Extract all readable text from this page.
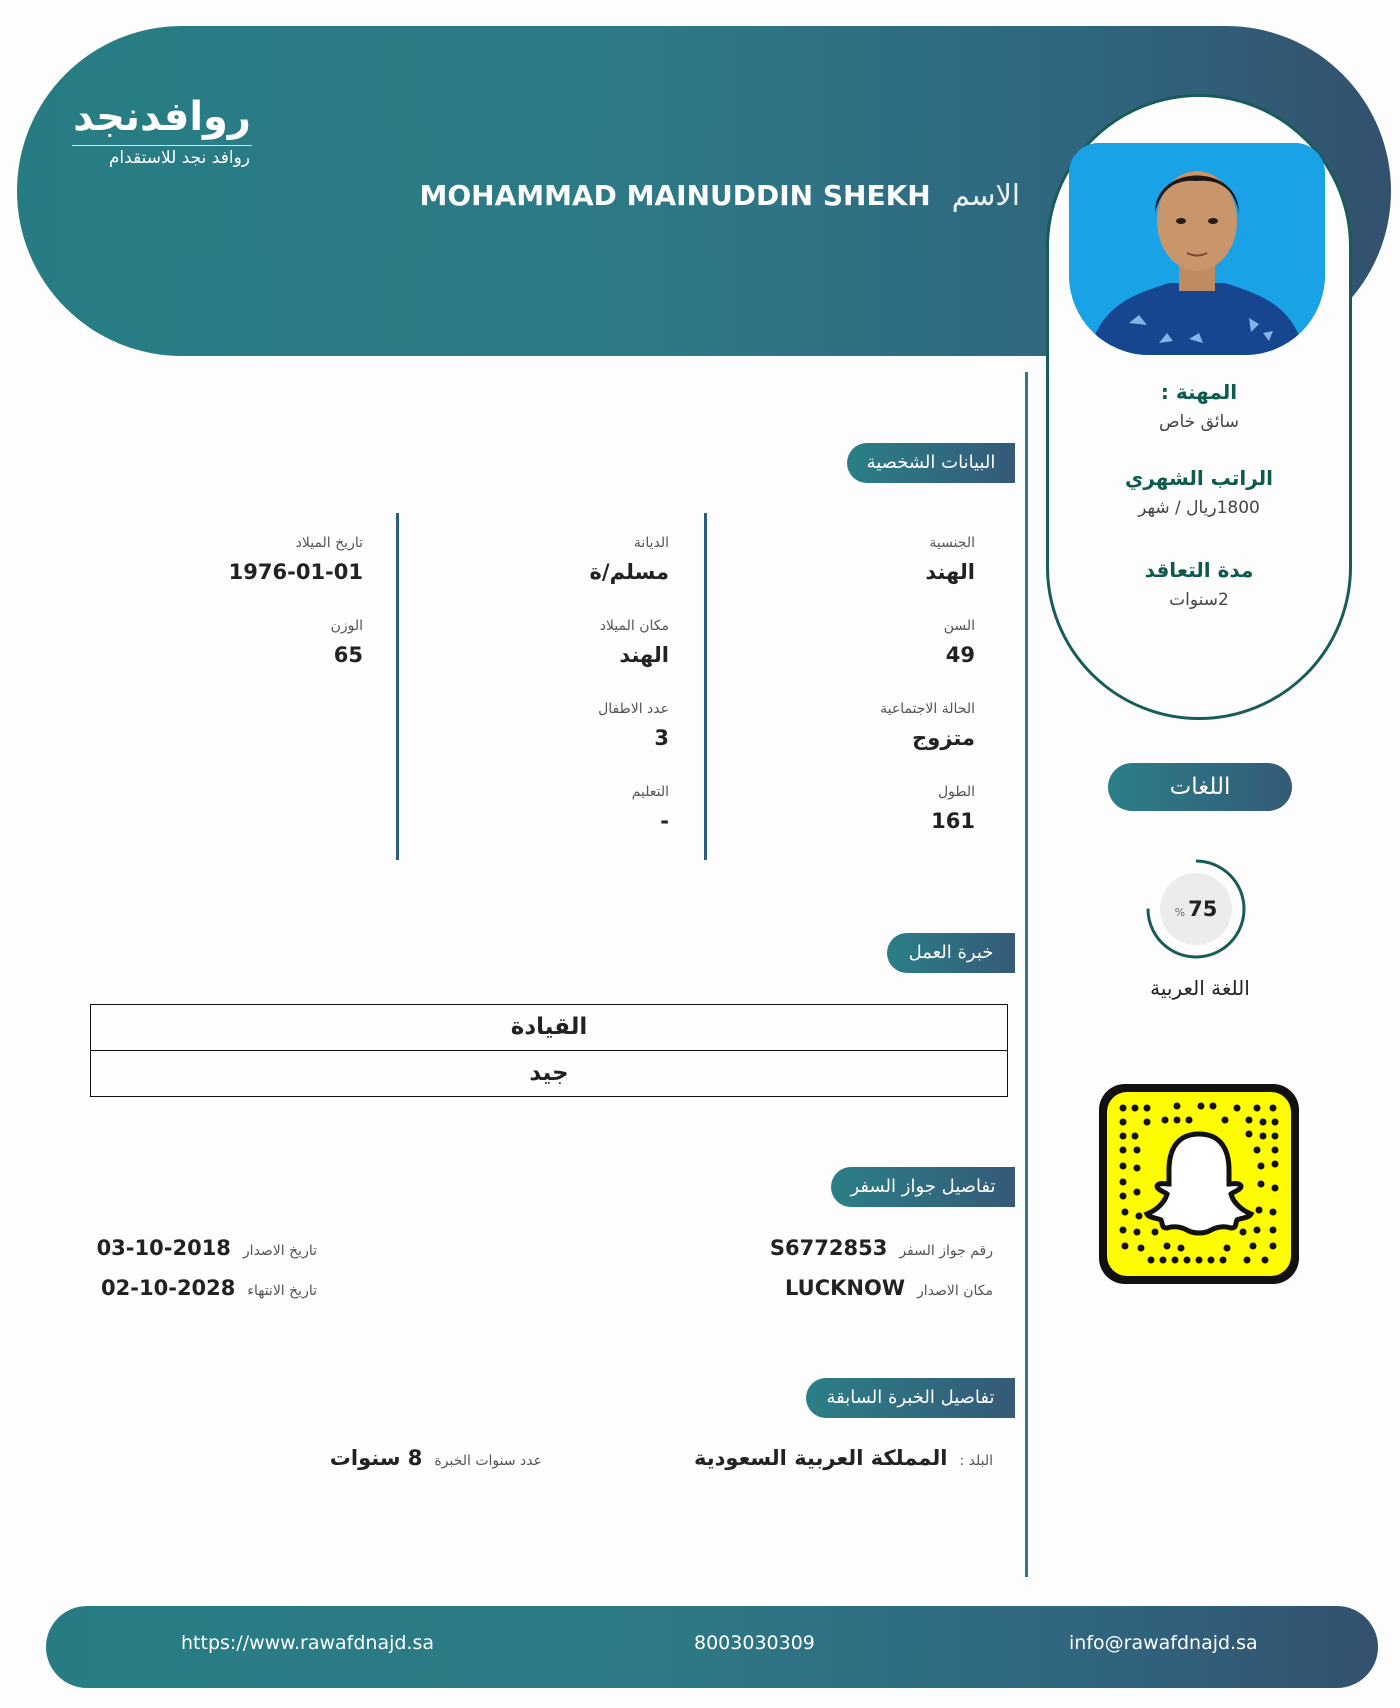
روافدنجد
روافد نجد للاستقدام
الاسم MOHAMMAD MAINUDDIN SHEKH
المهنة :
سائق خاص
الراتب الشهري
1800ريال / شهر
مدة التعاقد
2سنوات
اللغات
% 75
اللغة العربية
البيانات الشخصية
الجنسية
الهند
السن
49
الحالة الاجتماعية
متزوج
الطول
161
الديانة
مسلم/ة
مكان الميلاد
الهند
عدد الاطفال
3
التعليم
-
تاريخ الميلاد
1976-01-01
الوزن
65
خبرة العمل
القيادة
جيد
تفاصيل جواز السفر
رقم جواز السفرS6772853
مكان الاصدارLUCKNOW
تاريخ الاصدار2018-10-03
تاريخ الانتهاء2028-10-02
تفاصيل الخبرة السابقة
البلد :المملكة العربية السعودية
عدد سنوات الخبرة8 سنوات
https://www.rawafdnajd.sa	8003030309	info@rawafdnajd.sa
